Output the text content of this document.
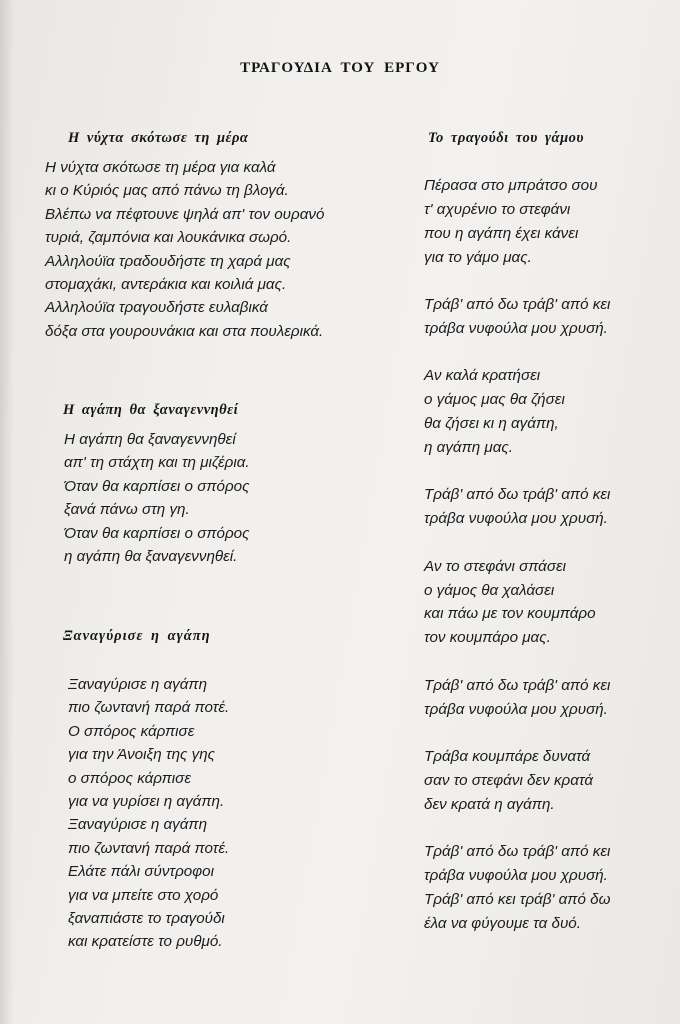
ΤΡΑΓΟΥΔΙΑ ΤΟΥ ΕΡΓΟΥ
Η νύχτα σκότωσε τη μέρα
Η νύχτα σκότωσε τη μέρα για καλά
κι ο Κύριός μας από πάνω τη βλογά.
Βλέπω να πέφτουνε ψηλά απ' τον ουρανό
τυριά, ζαμπόνια και λουκάνικα σωρό.
Αλληλούϊα τραδουδήστε τη χαρά μας
στομαχάκι, αντεράκια και κοιλιά μας.
Αλληλούϊα τραγουδήστε ευλαβικά
δόξα στα γουρουνάκια και στα πουλερικά.
Η αγάπη θα ξαναγεννηθεί
Η αγάπη θα ξαναγεννηθεί
απ' τη στάχτη και τη μιζέρια.
Όταν θα καρπίσει ο σπόρος
ξανά πάνω στη γη.
Όταν θα καρπίσει ο σπόρος
η αγάπη θα ξαναγεννηθεί.
Ξαναγύρισε η αγάπη
Ξαναγύρισε η αγάπη
πιο ζωντανή παρά ποτέ.
Ο σπόρος κάρπισε
για την Άνοιξη της γης
ο σπόρος κάρπισε
για να γυρίσει η αγάπη.
Ξαναγύρισε η αγάπη
πιο ζωντανή παρά ποτέ.
Ελάτε πάλι σύντροφοι
για να μπείτε στο χορό
ξαναπιάστε το τραγούδι
και κρατείστε το ρυθμό.
Το τραγούδι του γάμου
Πέρασα στο μπράτσο σου
τ' αχυρένιο το στεφάνι
που η αγάπη έχει κάνει
για το γάμο μας.
Τράβ' από δω τράβ' από κει
τράβα νυφούλα μου χρυσή.
Αν καλά κρατήσει
ο γάμος μας θα ζήσει
θα ζήσει κι η αγάπη,
η αγάπη μας.
Τράβ' από δω τράβ' από κει
τράβα νυφούλα μου χρυσή.
Αν το στεφάνι σπάσει
ο γάμος θα χαλάσει
και πάω με τον κουμπάρο
τον κουμπάρο μας.
Τράβ' από δω τράβ' από κει
τράβα νυφούλα μου χρυσή.
Τράβα κουμπάρε δυνατά
σαν το στεφάνι δεν κρατά
δεν κρατά η αγάπη.
Τράβ' από δω τράβ' από κει
τράβα νυφούλα μου χρυσή.
Τράβ' από κει τράβ' από δω
έλα να φύγουμε τα δυό.
